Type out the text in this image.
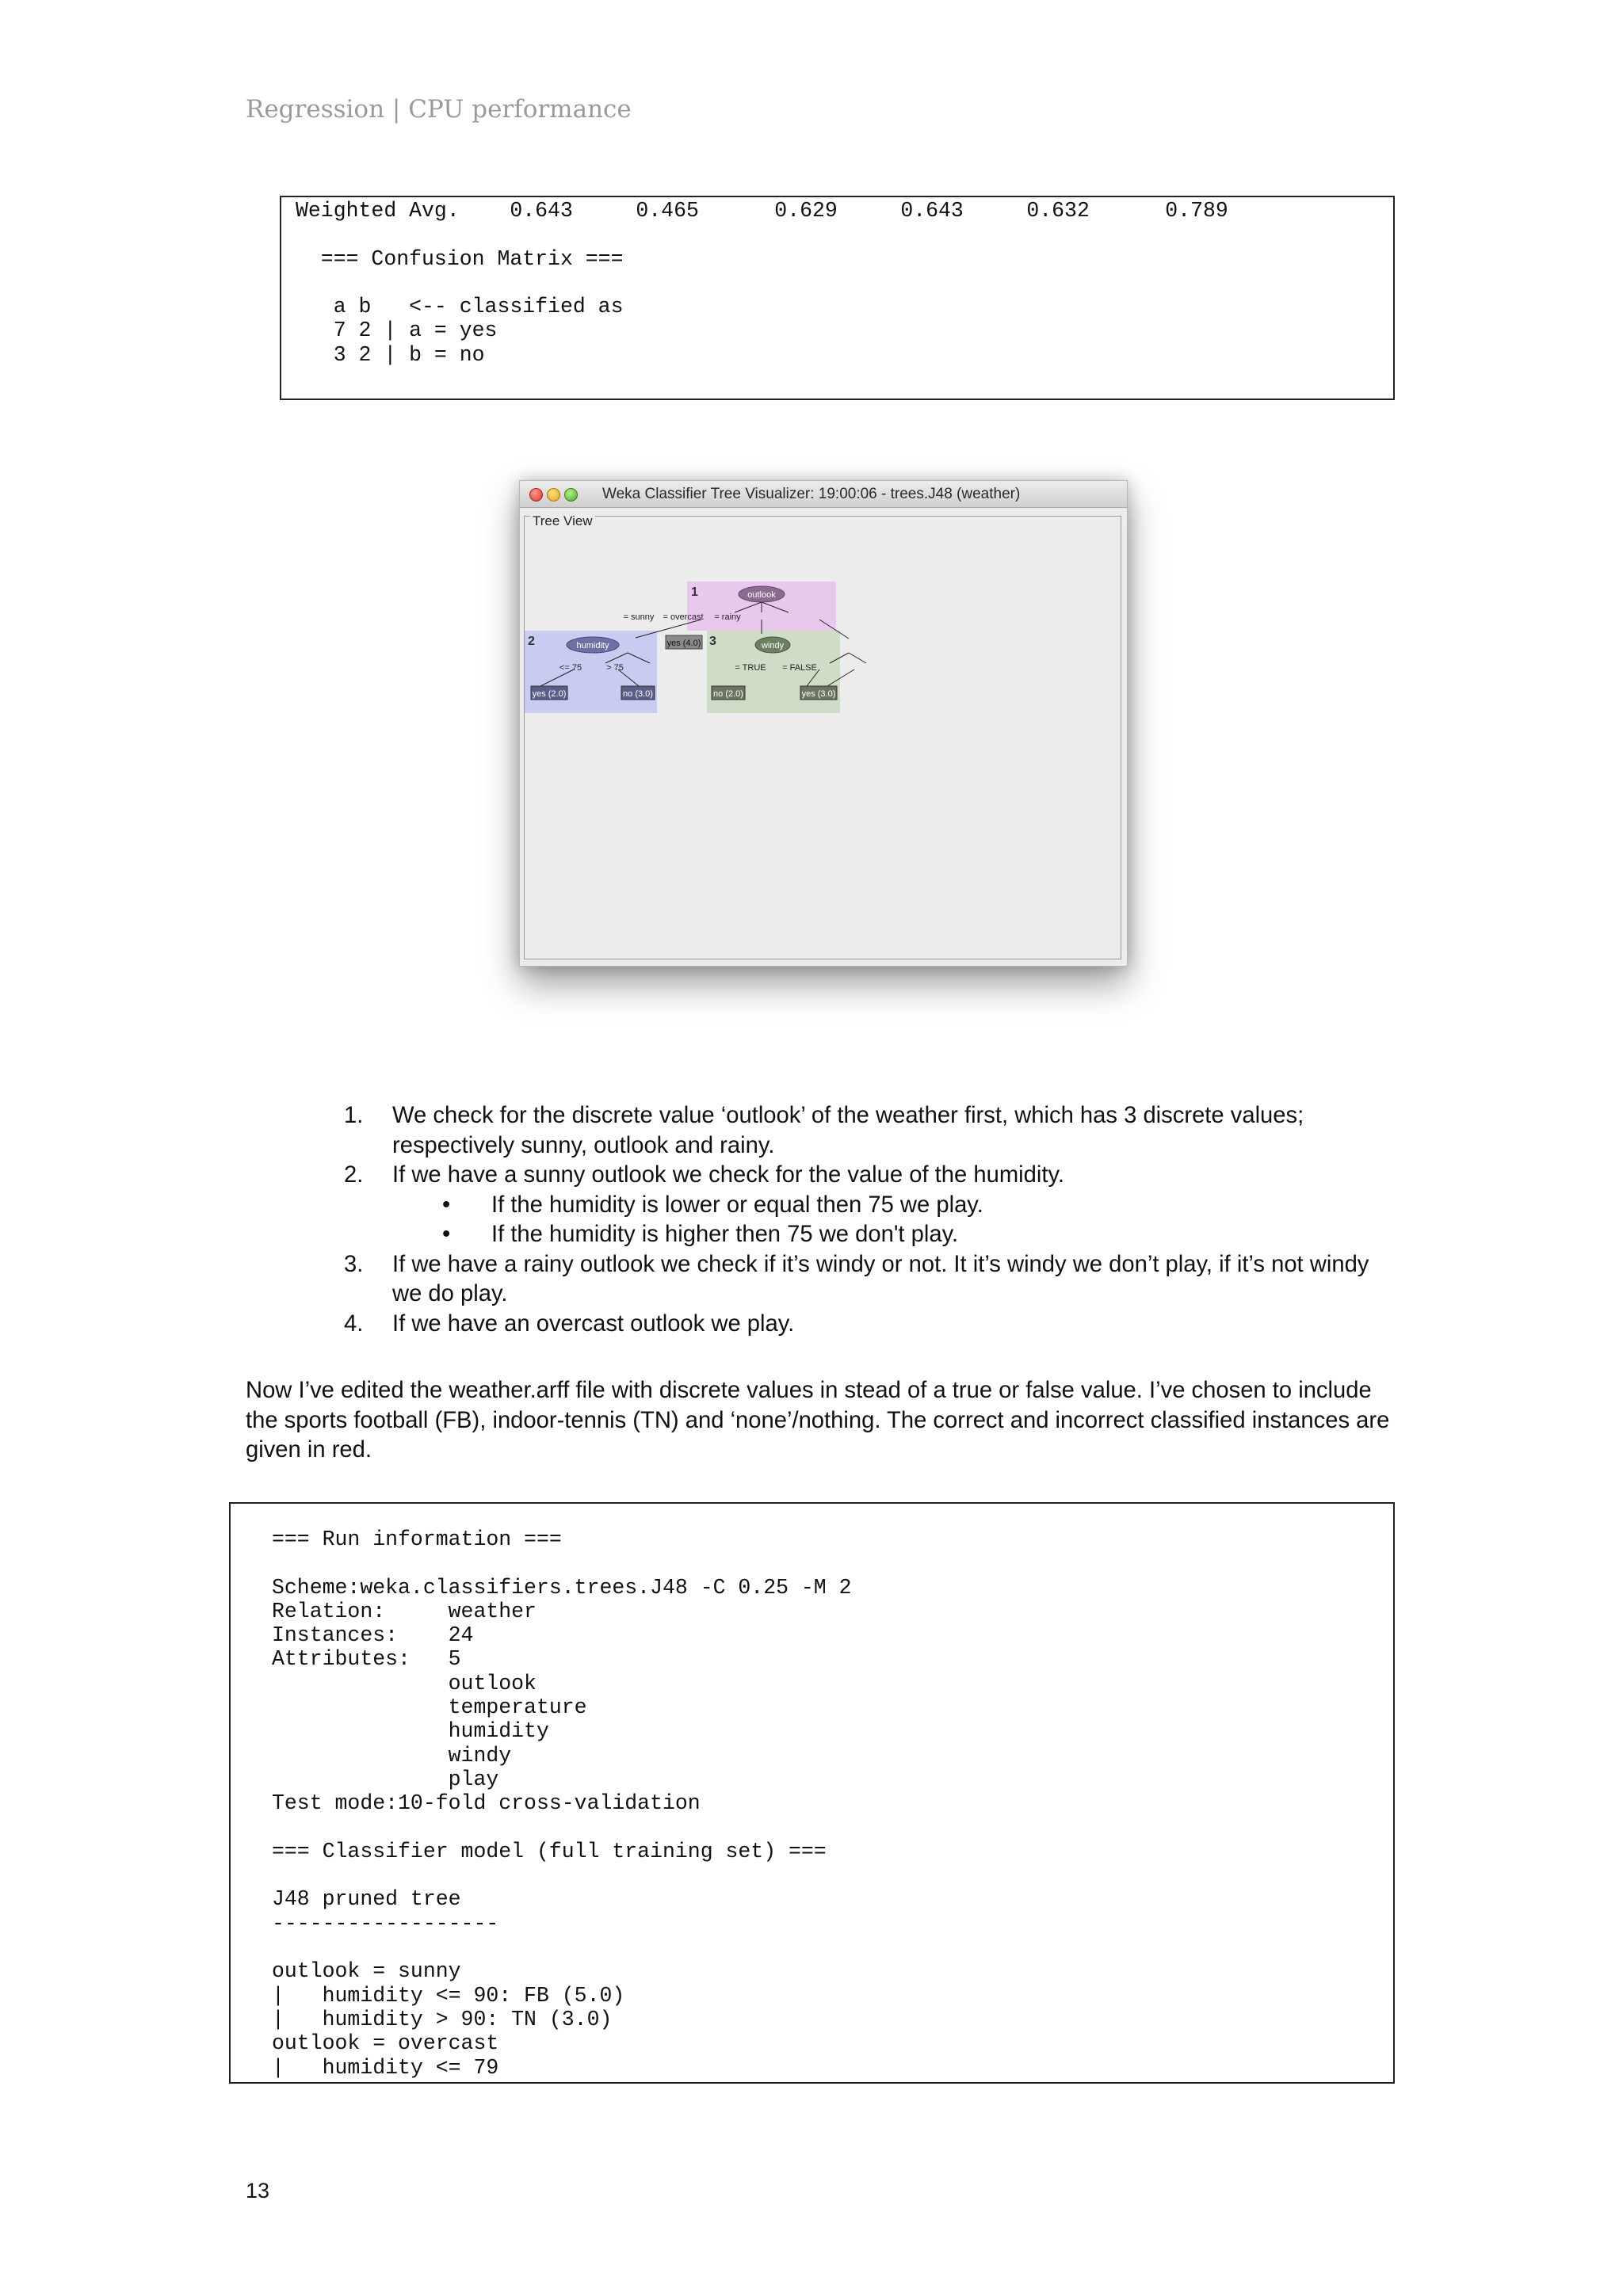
Regression | CPU performance
Weighted Avg.    0.643     0.465      0.629     0.643     0.632      0.789

=== Confusion Matrix ===

a b   <-- classified as
7 2 | a = yes
3 2 | b = no
Weka Classifier Tree Visualizer: 19:00:06 - trees.J48 (weather)
1
2	3
outlook
humidity	windy
= sunny = overcast = rainy
<= 75	> 75	= TRUE = FALSE
yes (4.0)
yes (2.0)	no (3.0)	no (2.0)	yes (3.0)
Tree View
1. We check for the discrete value ‘outlook’ of the weather first, which has 3 discrete values; respectively sunny, outlook and rainy.
2. If we have a sunny outlook we check for the value of the humidity.
• If the humidity is lower or equal then 75 we play.
• If the humidity is higher then 75 we don't play.
3. If we have a rainy outlook we check if it’s windy or not. It it’s windy we don’t play, if it’s not windy we do play.
4. If we have an overcast outlook we play.
Now I’ve edited the weather.arff file with discrete values in stead of a true or false value. I’ve chosen to include the sports football (FB), indoor-tennis (TN) and ‘none’/nothing. The correct and incorrect classified instances are given in red.
=== Run information ===

Scheme:weka.classifiers.trees.J48 -C 0.25 -M 2
Relation:     weather
Instances:    24
Attributes:   5
outlook
temperature
humidity
windy
play
Test mode:10-fold cross-validation

=== Classifier model (full training set) ===

J48 pruned tree
------------------

outlook = sunny
|   humidity <= 90: FB (5.0)
|   humidity > 90: TN (3.0)
outlook = overcast
|   humidity <= 79
13
